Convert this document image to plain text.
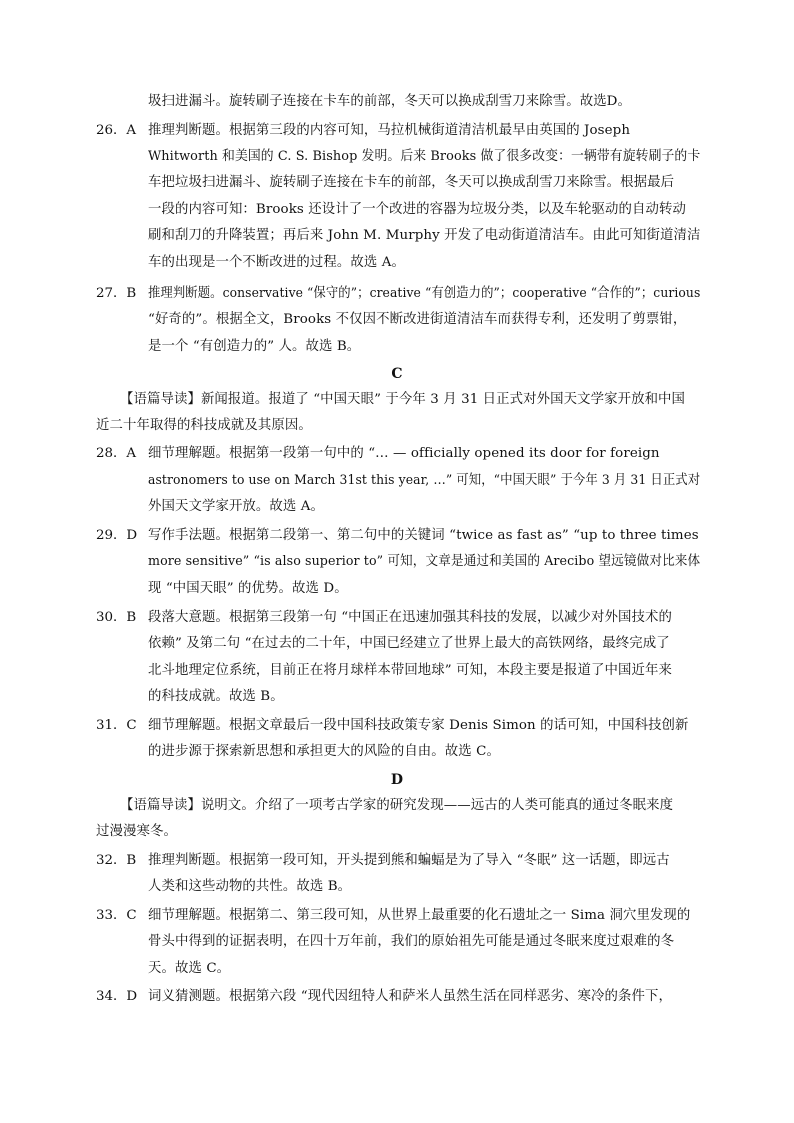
圾扫进漏斗。旋转刷子连接在卡车的前部，冬天可以换成刮雪刀来除雪。故选D。
26．A 推理判断题。根据第三段的内容可知，马拉机械街道清洁机最早由英国的 Joseph
Whitworth 和美国的 C. S. Bishop 发明。后来 Brooks 做了很多改变：一辆带有旋转刷子的卡
车把垃圾扫进漏斗、旋转刷子连接在卡车的前部，冬天可以换成刮雪刀来除雪。根据最后
一段的内容可知：Brooks 还设计了一个改进的容器为垃圾分类，以及车轮驱动的自动转动
刷和刮刀的升降装置；再后来 John M. Murphy 开发了电动街道清洁车。由此可知街道清洁
车的出现是一个不断改进的过程。故选 A。
27．B 推理判断题。conservative “保守的”；creative “有创造力的”；cooperative “合作的”；curious
“好奇的”。根据全文，Brooks 不仅因不断改进街道清洁车而获得专利，还发明了剪票钳，
是一个 “有创造力的” 人。故选 B。
C
【语篇导读】新闻报道。报道了 “中国天眼” 于今年 3 月 31 日正式对外国天文学家开放和中国
近二十年取得的科技成就及其原因。
28．A 细节理解题。根据第一段第一句中的 “… — officially opened its door for foreign
astronomers to use on March 31st this year, …” 可知，“中国天眼” 于今年 3 月 31 日正式对
外国天文学家开放。故选 A。
29．D 写作手法题。根据第二段第一、第二句中的关键词 “twice as fast as” “up to three times
more sensitive” “is also superior to” 可知，文章是通过和美国的 Arecibo 望远镜做对比来体
现 “中国天眼” 的优势。故选 D。
30．B 段落大意题。根据第三段第一句 “中国正在迅速加强其科技的发展，以减少对外国技术的
依赖” 及第二句 “在过去的二十年，中国已经建立了世界上最大的高铁网络，最终完成了
北斗地理定位系统，目前正在将月球样本带回地球” 可知，本段主要是报道了中国近年来
的科技成就。故选 B。
31．C 细节理解题。根据文章最后一段中国科技政策专家 Denis Simon 的话可知，中国科技创新
的进步源于探索新思想和承担更大的风险的自由。故选 C。
D
【语篇导读】说明文。介绍了一项考古学家的研究发现——远古的人类可能真的通过冬眠来度
过漫漫寒冬。
32．B 推理判断题。根据第一段可知，开头提到熊和蝙蝠是为了导入 “冬眠” 这一话题，即远古
人类和这些动物的共性。故选 B。
33．C 细节理解题。根据第二、第三段可知，从世界上最重要的化石遗址之一 Sima 洞穴里发现的
骨头中得到的证据表明，在四十万年前，我们的原始祖先可能是通过冬眠来度过艰难的冬
天。故选 C。
34．D 词义猜测题。根据第六段 “现代因纽特人和萨米人虽然生活在同样恶劣、寒冷的条件下，
